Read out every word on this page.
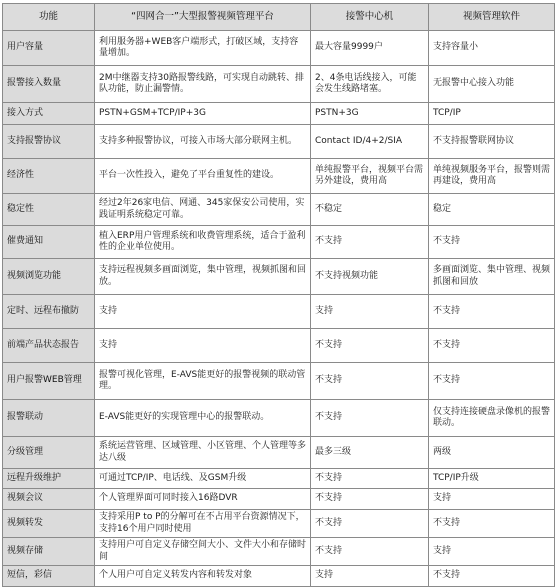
功能	“四网合一”大型报警视频管理平台	接警中心机	视频管理软件
用户容量	利用服务器+WEB客户端形式，打破区域，支持容量增加。	最大容量9999户	支持容量小
报警接入数量	2M中继器支持30路报警线路，可实现自动跳转、排队功能，防止漏警情。	2、4条电话线接入，可能会发生线路堵塞。	无报警中心接入功能
接入方式	PSTN+GSM+TCP/IP+3G	PSTN+3G	TCP/IP
支持报警协议	支持多种报警协议，可接入市场大部分联网主机。	Contact ID/4+2/SIA	不支持报警联网协议
经济性	平台一次性投入，避免了平台重复性的建设。	单纯报警平台，视频平台需另外建设，费用高	单纯视频服务平台，报警则需再建设，费用高
稳定性	经过2年26家电信、网通、345家保安公司使用，实践证明系统稳定可靠。	不稳定	稳定
催费通知	植入ERP用户管理系统和收费管理系统，适合于盈利性的企业单位使用。	不支持	不支持
视频浏览功能	支持远程视频多画面浏览，集中管理，视频抓图和回放。	不支持视频功能	多画面浏览、集中管理、视频抓图和回放
定时、远程布撤防	支持	支持	不支持
前端产品状态报告	支持	不支持	不支持
用户报警WEB管理	报警可视化管理，E-AVS能更好的报警视频的联动管理。	不支持	不支持
报警联动	E-AVS能更好的实现管理中心的报警联动。	不支持	仅支持连接硬盘录像机的报警联动。
分级管理	系统运营管理、区域管理、小区管理、个人管理等多达八级	最多三级	两级
远程升级维护	可通过TCP/IP、电话线、及GSM升级	不支持	TCP/IP升级
视频会议	个人管理界面可同时接入16路DVR	不支持	支持
视频转发	支持采用P to P的分解可在不占用平台资源情况下，支持16个用户同时使用	不支持	不支持
视频存储	支持用户可自定义存储空间大小、文件大小和存储时间	不支持	支持
短信，彩信	个人用户可自定义转发内容和转发对象	支持	不支持
